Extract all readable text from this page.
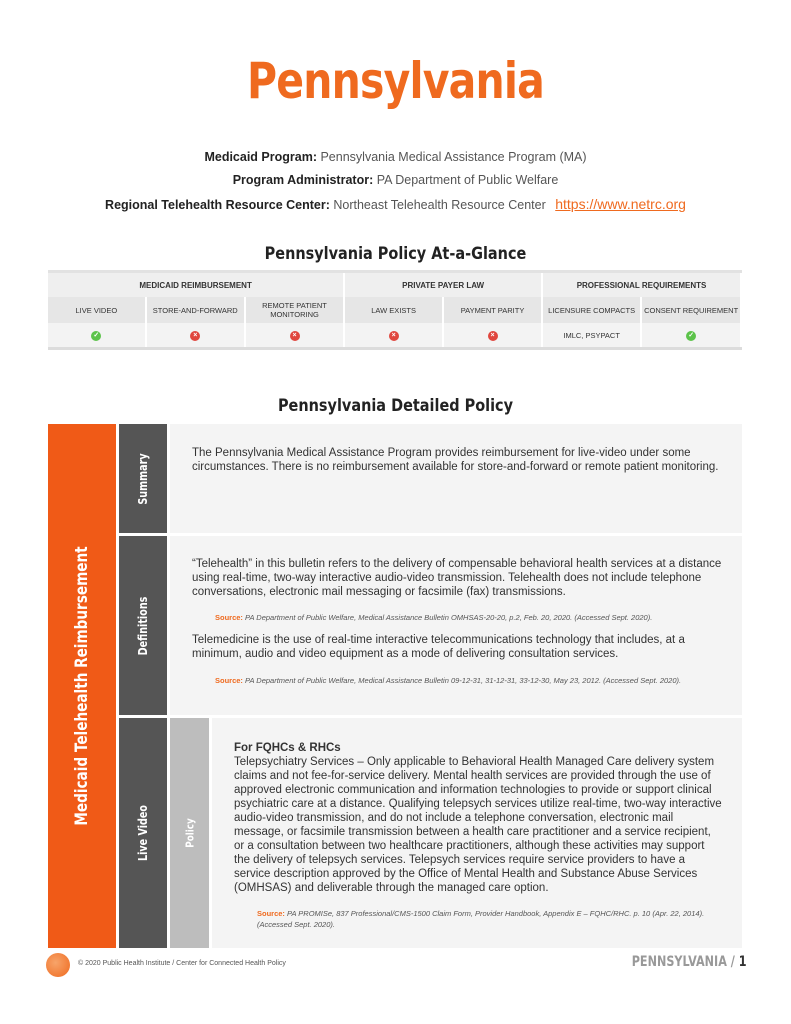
Pennsylvania
Medicaid Program: Pennsylvania Medical Assistance Program (MA)
Program Administrator: PA Department of Public Welfare
Regional Telehealth Resource Center: Northeast Telehealth Resource Center https://www.netrc.org
Pennsylvania Policy At-a-Glance
MEDICAID REIMBURSEMENT			PRIVATE PAYER LAW		PROFESSIONAL REQUIREMENTS	
LIVE VIDEO	STORE-AND-FORWARD	REMOTE PATIENT MONITORING	LAW EXISTS	PAYMENT PARITY	LICENSURE COMPACTS	CONSENT REQUIREMENT
✓	×	×	×	×	IMLC, PSYPACT	✓
Pennsylvania Detailed Policy
Medicaid Telehealth Reimbursement
Summary	The Pennsylvania Medical Assistance Program provides reimbursement for live-video under some circumstances. There is no reimbursement available for store-and-forward or remote patient monitoring.
Definitions
“Telehealth” in this bulletin refers to the delivery of compensable behavioral health services at a distance using real-time, two-way interactive audio-video transmission. Telehealth does not include telephone conversations, electronic mail messaging or facsimile (fax) transmissions.
Source: PA Department of Public Welfare, Medical Assistance Bulletin OMHSAS-20-20, p.2, Feb. 20, 2020. (Accessed Sept. 2020).
Telemedicine is the use of real-time interactive telecommunications technology that includes, at a minimum, audio and video equipment as a mode of delivering consultation services.
Source: PA Department of Public Welfare, Medical Assistance Bulletin 09-12-31, 31-12-31, 33-12-30, May 23, 2012. (Accessed Sept. 2020).
Live Video	Policy
For FQHCs & RHCs
Telepsychiatry Services – Only applicable to Behavioral Health Managed Care delivery system claims and not fee-for-service delivery. Mental health services are provided through the use of approved electronic communication and information technologies to provide or support clinical psychiatric care at a distance. Qualifying telepsych services utilize real-time, two-way interactive audio-video transmission, and do not include a telephone conversation, electronic mail message, or facsimile transmission between a health care practitioner and a service recipient, or a consultation between two healthcare practitioners, although these activities may support the delivery of telepsych services. Telepsych services require service providers to have a service description approved by the Office of Mental Health and Substance Abuse Services (OMHSAS) and deliverable through the managed care option.
Source: PA PROMISe, 837 Professional/CMS-1500 Claim Form, Provider Handbook, Appendix E – FQHC/RHC. p. 10 (Apr. 22, 2014). (Accessed Sept. 2020).
© 2020 Public Health Institute / Center for Connected Health Policy	PENNSYLVANIA / 1
